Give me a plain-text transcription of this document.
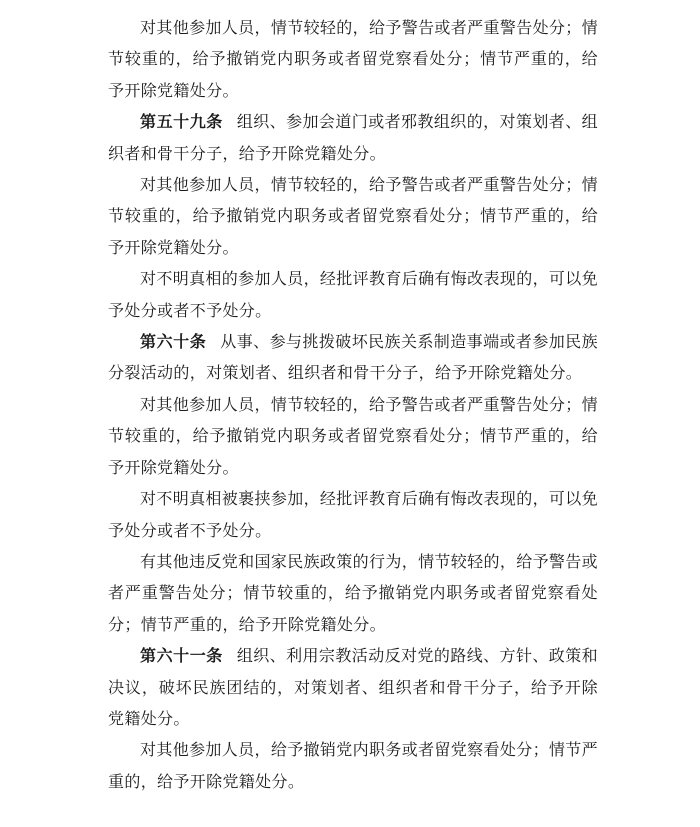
对其他参加人员，情节较轻的，给予警告或者严重警告处分；情节较重的，给予撤销党内职务或者留党察看处分；情节严重的，给予开除党籍处分。

第五十九条 组织、参加会道门或者邪教组织的，对策划者、组织者和骨干分子，给予开除党籍处分。

对其他参加人员，情节较轻的，给予警告或者严重警告处分；情节较重的，给予撤销党内职务或者留党察看处分；情节严重的，给予开除党籍处分。

对不明真相的参加人员，经批评教育后确有悔改表现的，可以免予处分或者不予处分。

第六十条 从事、参与挑拨破坏民族关系制造事端或者参加民族分裂活动的，对策划者、组织者和骨干分子，给予开除党籍处分。

对其他参加人员，情节较轻的，给予警告或者严重警告处分；情节较重的，给予撤销党内职务或者留党察看处分；情节严重的，给予开除党籍处分。

对不明真相被裹挟参加，经批评教育后确有悔改表现的，可以免予处分或者不予处分。

有其他违反党和国家民族政策的行为，情节较轻的，给予警告或者严重警告处分；情节较重的，给予撤销党内职务或者留党察看处分；情节严重的，给予开除党籍处分。

第六十一条 组织、利用宗教活动反对党的路线、方针、政策和决议，破坏民族团结的，对策划者、组织者和骨干分子，给予开除党籍处分。

对其他参加人员，给予撤销党内职务或者留党察看处分；情节严重的，给予开除党籍处分。
